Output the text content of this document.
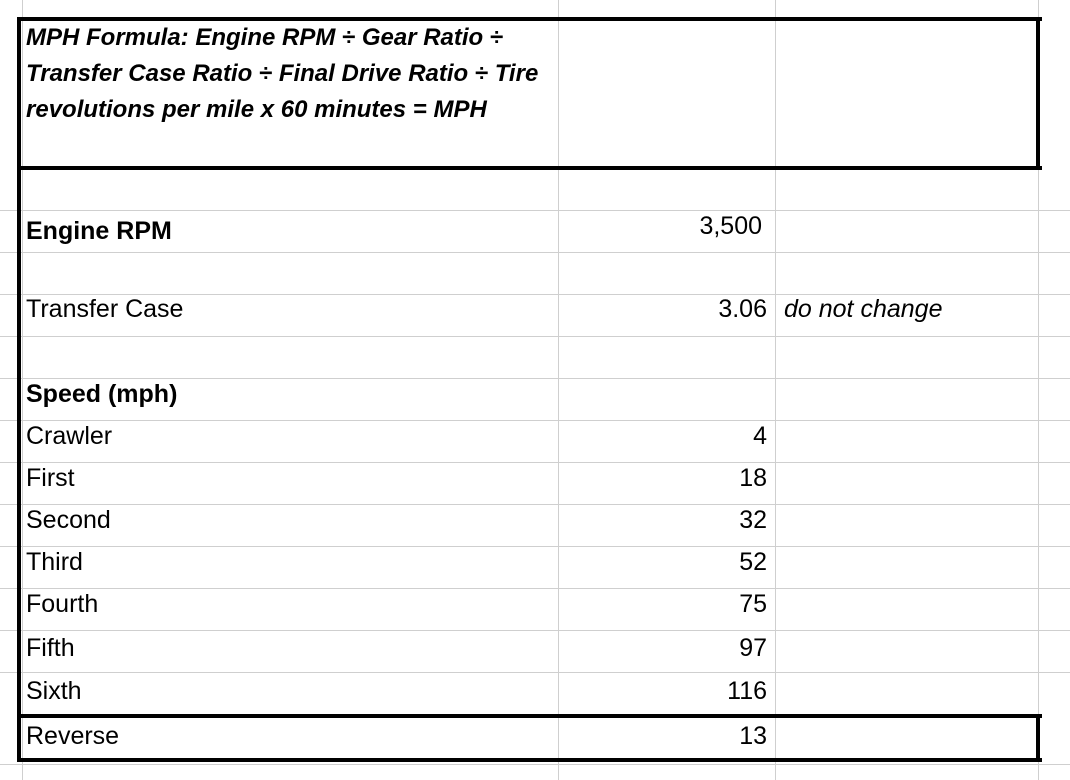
MPH Formula: Engine RPM ÷ Gear Ratio ÷ Transfer Case Ratio ÷ Final Drive Ratio ÷ Tire revolutions per mile x 60 minutes = MPH
Engine RPM	3,500
Transfer Case	3.06 do not change
Speed (mph)
Crawler	4
First	18
Second	32
Third	52
Fourth	75
Fifth	97
Sixth	116
Reverse	13
